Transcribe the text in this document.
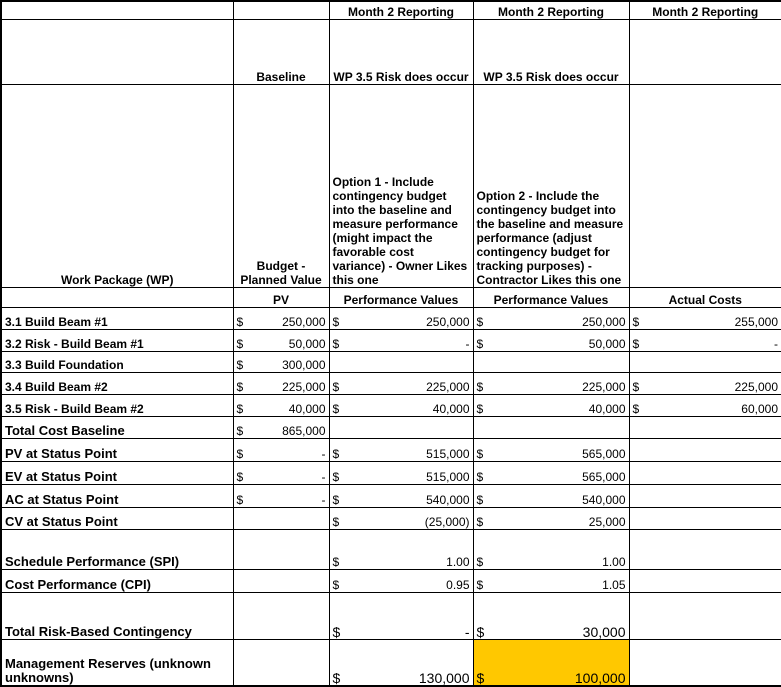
		Month 2 Reporting	Month 2 Reporting	Month 2 Reporting
	Baseline	WP 3.5 Risk does occur	WP 3.5 Risk does occur	
Work Package (WP)	Budget - Planned Value	Option 1 - Include contingency budget into the baseline and measure performance (might impact the favorable cost variance) - Owner Likes this one	Option 2 - Include the contingency budget into the baseline and measure performance (adjust contingency budget for tracking purposes) - Contractor Likes this one	
	PV	Performance Values	Performance Values	Actual Costs
3.1 Build Beam #1	$ 250,000	$ 250,000	$ 250,000	$ 255,000

3.2 Risk - Build Beam #1	$ 50,000	$ -	$ 50,000	$ -

3.3 Build Foundation	$ 300,000			

3.4 Build Beam #2	$ 225,000	$ 225,000	$ 225,000	$ 225,000

3.5 Risk - Build Beam #2	$ 40,000	$ 40,000	$ 40,000	$ 60,000

Total Cost Baseline	$ 865,000			

PV at Status Point	$ -	$ 515,000	$ 565,000	

EV at Status Point	$ -	$ 515,000	$ 565,000	

AC at Status Point	$ -	$ 540,000	$ 540,000	

CV at Status Point		$ (25,000)	$ 25,000	

Schedule Performance (SPI)		$ 1.00	$ 1.00	

Cost Performance (CPI)		$ 0.95	$ 1.05	

Total Risk-Based Contingency		$ -	$ 30,000	

Management Reserves (unknown unknowns)		$ 130,000	$ 100,000	
